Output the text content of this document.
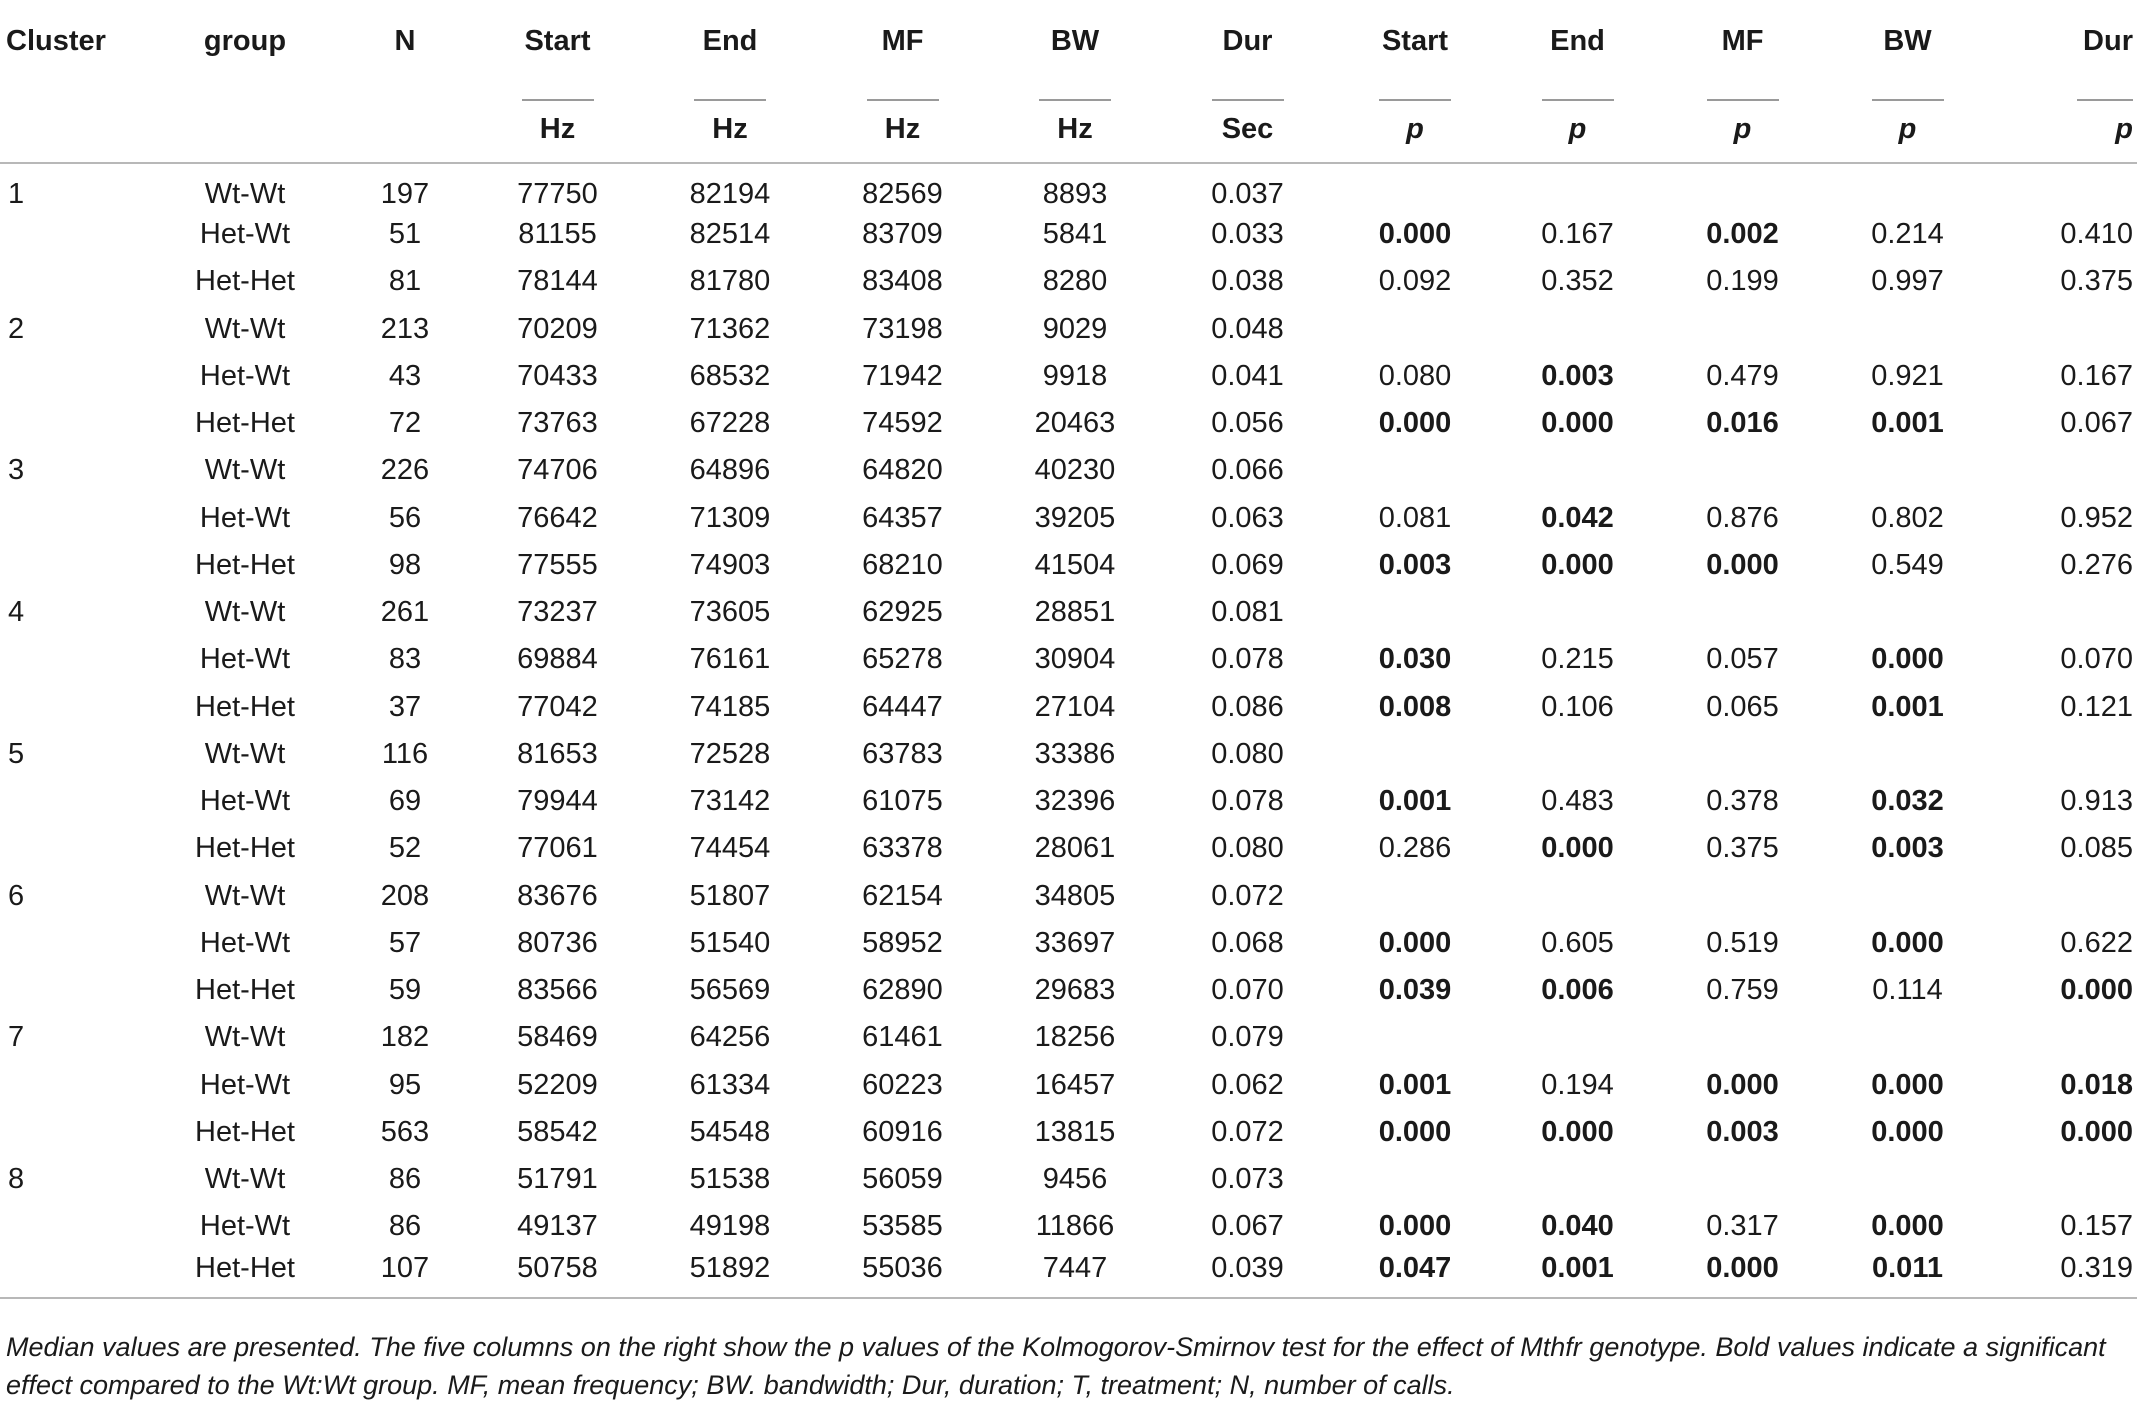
Cluster	group	N	Start	End	MF	BW	Dur	Start	End	MF	BW	Dur

			Hz	Hz	Hz	Hz	Sec	p	p	p	p	p

1	Wt-Wt	197	77750	82194	82569	8893	0.037					
	Het-Wt	51	81155	82514	83709	5841	0.033	0.000	0.167	0.002	0.214	0.410
	Het-Het	81	78144	81780	83408	8280	0.038	0.092	0.352	0.199	0.997	0.375
2	Wt-Wt	213	70209	71362	73198	9029	0.048					
	Het-Wt	43	70433	68532	71942	9918	0.041	0.080	0.003	0.479	0.921	0.167
	Het-Het	72	73763	67228	74592	20463	0.056	0.000	0.000	0.016	0.001	0.067
3	Wt-Wt	226	74706	64896	64820	40230	0.066					
	Het-Wt	56	76642	71309	64357	39205	0.063	0.081	0.042	0.876	0.802	0.952
	Het-Het	98	77555	74903	68210	41504	0.069	0.003	0.000	0.000	0.549	0.276
4	Wt-Wt	261	73237	73605	62925	28851	0.081					
	Het-Wt	83	69884	76161	65278	30904	0.078	0.030	0.215	0.057	0.000	0.070
	Het-Het	37	77042	74185	64447	27104	0.086	0.008	0.106	0.065	0.001	0.121
5	Wt-Wt	116	81653	72528	63783	33386	0.080					
	Het-Wt	69	79944	73142	61075	32396	0.078	0.001	0.483	0.378	0.032	0.913
	Het-Het	52	77061	74454	63378	28061	0.080	0.286	0.000	0.375	0.003	0.085
6	Wt-Wt	208	83676	51807	62154	34805	0.072					
	Het-Wt	57	80736	51540	58952	33697	0.068	0.000	0.605	0.519	0.000	0.622
	Het-Het	59	83566	56569	62890	29683	0.070	0.039	0.006	0.759	0.114	0.000
7	Wt-Wt	182	58469	64256	61461	18256	0.079					
	Het-Wt	95	52209	61334	60223	16457	0.062	0.001	0.194	0.000	0.000	0.018
	Het-Het	563	58542	54548	60916	13815	0.072	0.000	0.000	0.003	0.000	0.000
8	Wt-Wt	86	51791	51538	56059	9456	0.073					
	Het-Wt	86	49137	49198	53585	11866	0.067	0.000	0.040	0.317	0.000	0.157
	Het-Het	107	50758	51892	55036	7447	0.039	0.047	0.001	0.000	0.011	0.319
Median values are presented. The five columns on the right show the p values of the Kolmogorov-Smirnov test for the effect of Mthfr genotype. Bold values indicate a significant effect compared to the Wt:Wt group. MF, mean frequency; BW. bandwidth; Dur, duration; T, treatment; N, number of calls.
